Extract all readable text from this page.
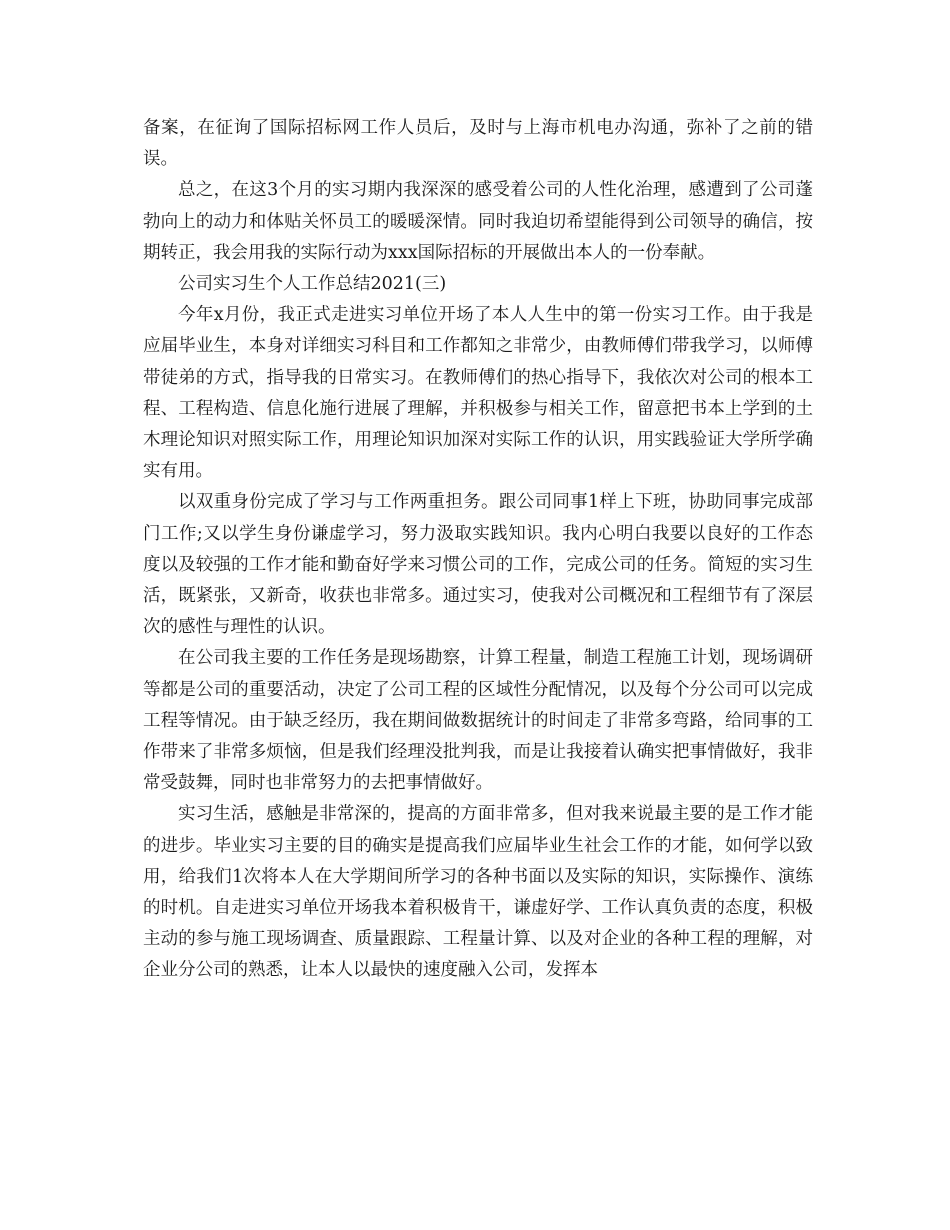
备案，在征询了国际招标网工作人员后，及时与上海市机电办沟通，弥补了之前的错误。

总之，在这3个月的实习期内我深深的感受着公司的人性化治理，感遭到了公司蓬勃向上的动力和体贴关怀员工的暖暖深情。同时我迫切希望能得到公司领导的确信，按期转正，我会用我的实际行动为xxx国际招标的开展做出本人的一份奉献。

公司实习生个人工作总结2021(三)

今年x月份，我正式走进实习单位开场了本人人生中的第一份实习工作。由于我是应届毕业生，本身对详细实习科目和工作都知之非常少，由教师傅们带我学习，以师傅带徒弟的方式，指导我的日常实习。在教师傅们的热心指导下，我依次对公司的根本工程、工程构造、信息化施行进展了理解，并积极参与相关工作，留意把书本上学到的土木理论知识对照实际工作，用理论知识加深对实际工作的认识，用实践验证大学所学确实有用。

以双重身份完成了学习与工作两重担务。跟公司同事1样上下班，协助同事完成部门工作;又以学生身份谦虚学习，努力汲取实践知识。我内心明白我要以良好的工作态度以及较强的工作才能和勤奋好学来习惯公司的工作，完成公司的任务。简短的实习生活，既紧张，又新奇，收获也非常多。通过实习，使我对公司概况和工程细节有了深层次的感性与理性的认识。

在公司我主要的工作任务是现场勘察，计算工程量，制造工程施工计划，现场调研等都是公司的重要活动，决定了公司工程的区域性分配情况，以及每个分公司可以完成工程等情况。由于缺乏经历，我在期间做数据统计的时间走了非常多弯路，给同事的工作带来了非常多烦恼，但是我们经理没批判我，而是让我接着认确实把事情做好，我非常受鼓舞，同时也非常努力的去把事情做好。

实习生活，感触是非常深的，提高的方面非常多，但对我来说最主要的是工作才能的进步。毕业实习主要的目的确实是提高我们应届毕业生社会工作的才能，如何学以致用，给我们1次将本人在大学期间所学习的各种书面以及实际的知识，实际操作、演练的时机。自走进实习单位开场我本着积极肯干，谦虚好学、工作认真负责的态度，积极主动的参与施工现场调查、质量跟踪、工程量计算、以及对企业的各种工程的理解，对企业分公司的熟悉，让本人以最快的速度融入公司，发挥本
